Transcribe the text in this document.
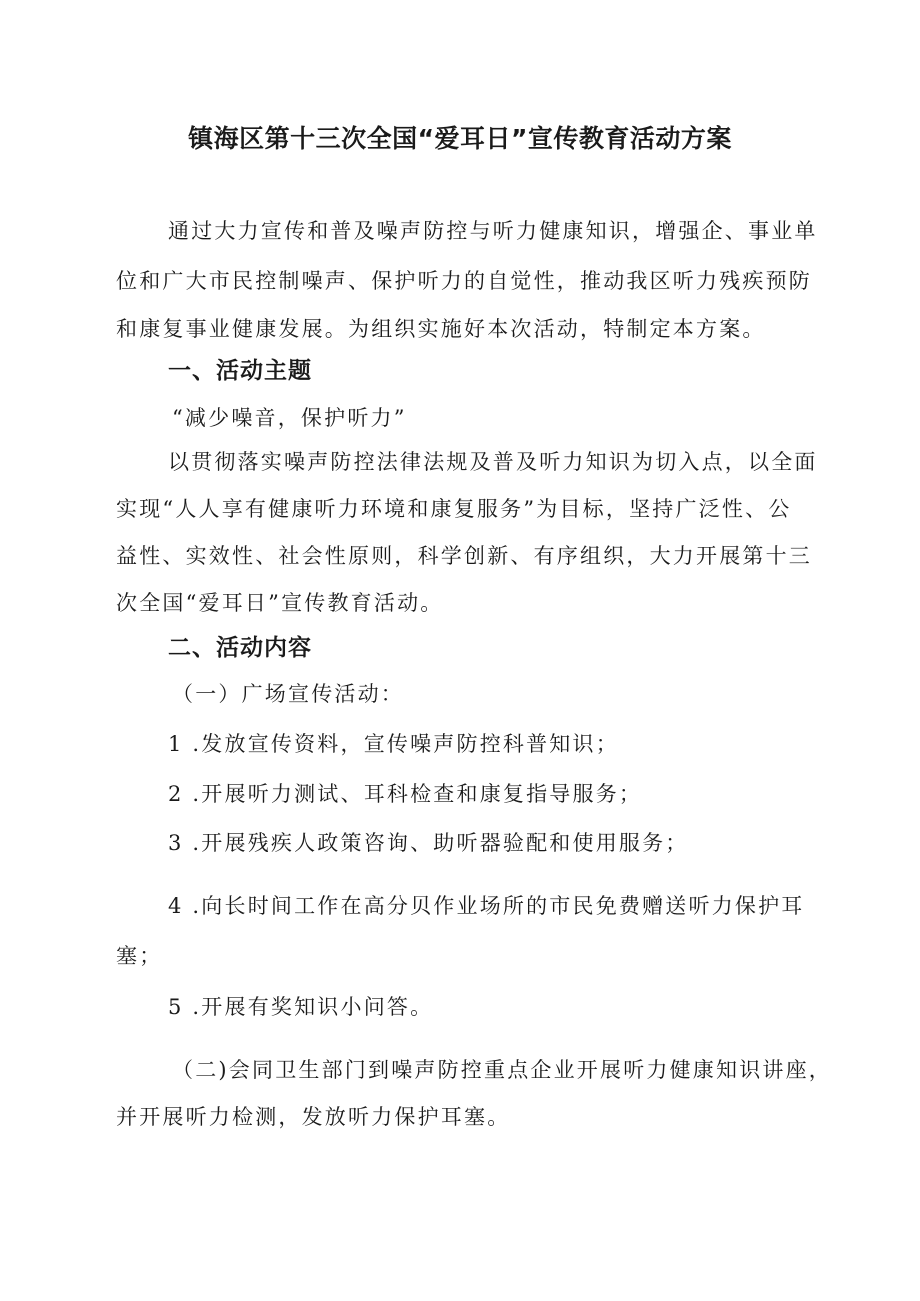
镇海区第十三次全国“爱耳日”宣传教育活动方案
通过大力宣传和普及噪声防控与听力健康知识，增强企、事业单
位和广大市民控制噪声、保护听力的自觉性，推动我区听力残疾预防
和康复事业健康发展。为组织实施好本次活动，特制定本方案。
一、活动主题
“减少噪音，保护听力”
以贯彻落实噪声防控法律法规及普及听力知识为切入点，以全面
实现“人人享有健康听力环境和康复服务”为目标，坚持广泛性、公
益性、实效性、社会性原则，科学创新、有序组织，大力开展第十三
次全国“爱耳日”宣传教育活动。
二、活动内容
（一）广场宣传活动：
1 .发放宣传资料，宣传噪声防控科普知识；
2 .开展听力测试、耳科检查和康复指导服务；
3 .开展残疾人政策咨询、助听器验配和使用服务；
4 .向长时间工作在高分贝作业场所的市民免费赠送听力保护耳
塞；
5 .开展有奖知识小问答。
（二)会同卫生部门到噪声防控重点企业开展听力健康知识讲座，
并开展听力检测，发放听力保护耳塞。
